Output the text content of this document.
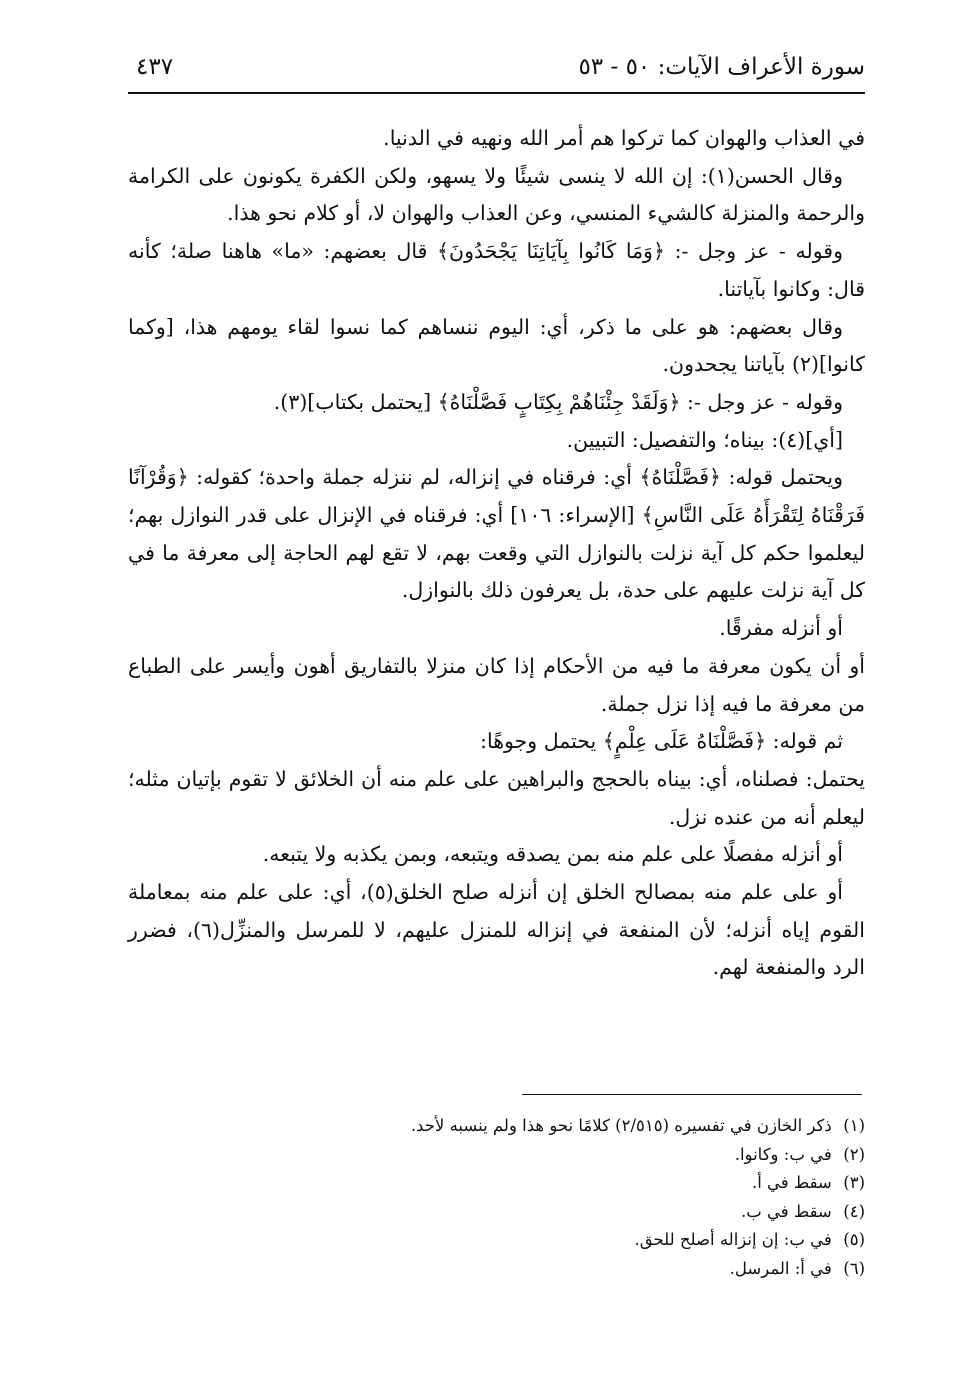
سورة الأعراف الآيات: ٥٠ - ٥٣
٤٣٧

في العذاب والهوان كما تركوا هم أمر الله ونهيه في الدنيا.

وقال الحسن(١): إن الله لا ينسى شيئًا ولا يسهو، ولكن الكفرة يكونون على الكرامة والرحمة والمنزلة كالشيء المنسي، وعن العذاب والهوان لا، أو كلام نحو هذا.

وقوله - عز وجل -: ﴿وَمَا كَانُوا بِآيَاتِنَا يَجْحَدُونَ﴾ قال بعضهم: «ما» هاهنا صلة؛ كأنه قال: وكانوا بآياتنا.

وقال بعضهم: هو على ما ذكر، أي: اليوم ننساهم كما نسوا لقاء يومهم هذا، [وكما كانوا](٢) بآياتنا يجحدون.

وقوله - عز وجل -: ﴿وَلَقَدْ جِئْنَاهُمْ بِكِتَابٍ فَصَّلْنَاهُ﴾ [يحتمل بكتاب](٣).

[أي](٤): بيناه؛ والتفصيل: التبيين.

ويحتمل قوله: ﴿فَصَّلْنَاهُ﴾ أي: فرقناه في إنزاله، لم ننزله جملة واحدة؛ كقوله: ﴿وَقُرْآنًا فَرَقْنَاهُ لِتَقْرَأَهُ عَلَى النَّاسِ﴾ [الإسراء: ١٠٦] أي: فرقناه في الإنزال على قدر النوازل بهم؛ ليعلموا حكم كل آية نزلت بالنوازل التي وقعت بهم، لا تقع لهم الحاجة إلى معرفة ما في كل آية نزلت عليهم على حدة، بل يعرفون ذلك بالنوازل.

أو أنزله مفرقًا.

أو أن يكون معرفة ما فيه من الأحكام إذا كان منزلا بالتفاريق أهون وأيسر على الطباع من معرفة ما فيه إذا نزل جملة.

ثم قوله: ﴿فَصَّلْنَاهُ عَلَى عِلْمٍ﴾ يحتمل وجوهًا:

يحتمل: فصلناه، أي: بيناه بالحجج والبراهين على علم منه أن الخلائق لا تقوم بإتيان مثله؛ ليعلم أنه من عنده نزل.

أو أنزله مفصلًا على علم منه بمن يصدقه ويتبعه، وبمن يكذبه ولا يتبعه.

أو على علم منه بمصالح الخلق إن أنزله صلح الخلق(٥)، أي: على علم منه بمعاملة القوم إياه أنزله؛ لأن المنفعة في إنزاله للمنزل عليهم، لا للمرسل والمنزِّل(٦)، فضرر الرد والمنفعة لهم.

(١) ذكر الخازن في تفسيره (٢/٥١٥) كلامًا نحو هذا ولم ينسبه لأحد.

(٢) في ب: وكانوا.

(٣) سقط في أ.

(٤) سقط في ب.

(٥) في ب: إن إنزاله أصلح للحق.

(٦) في أ: المرسل.
